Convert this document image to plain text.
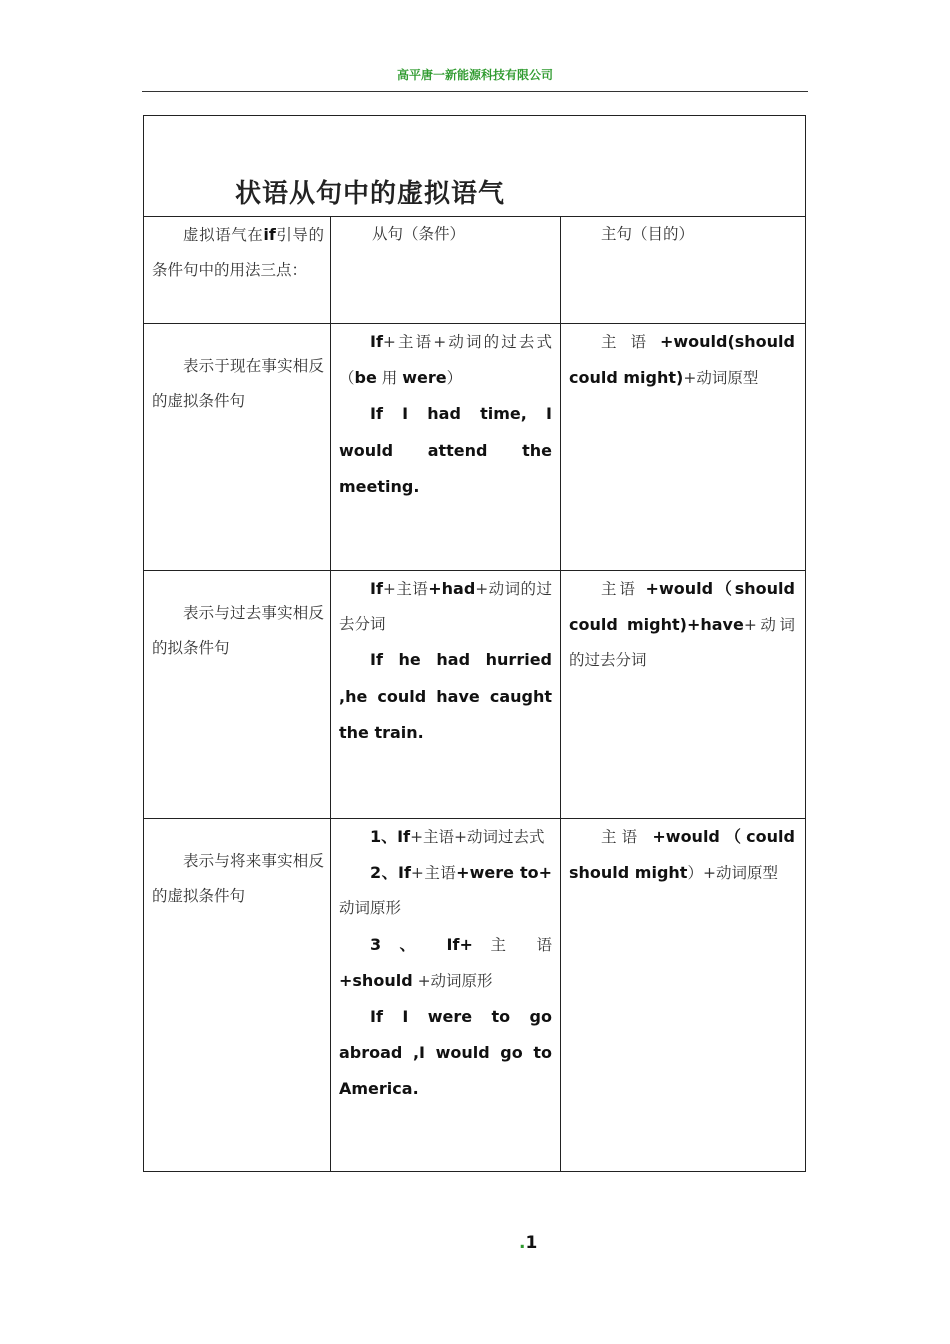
高平唐一新能源科技有限公司
状语从句中的虚拟语气

虚拟语气在if引导的条件句中的用法三点：

从句（条件）	主句（目的）

表示于现在事实相反的虚拟条件句

If+主语+动词的过去式（be 用 were）

If I had time, I would attend the meeting.

主语+would(should could might)+动词原型

表示与过去事实相反的拟条件句

If+主语+had+动词的过去分词

If he had hurried ,he could have caught the train.

主语 +would（should could might)+have+动词的过去分词

表示与将来事实相反的虚拟条件句

1、If+主语+动词过去式

2、If+主语+were to+ 动词原形

3 、 If+ 主 语 +should +动词原形

If I were to go abroad ,I would go to America.

主语 +would（could should might）+动词原型

.1
